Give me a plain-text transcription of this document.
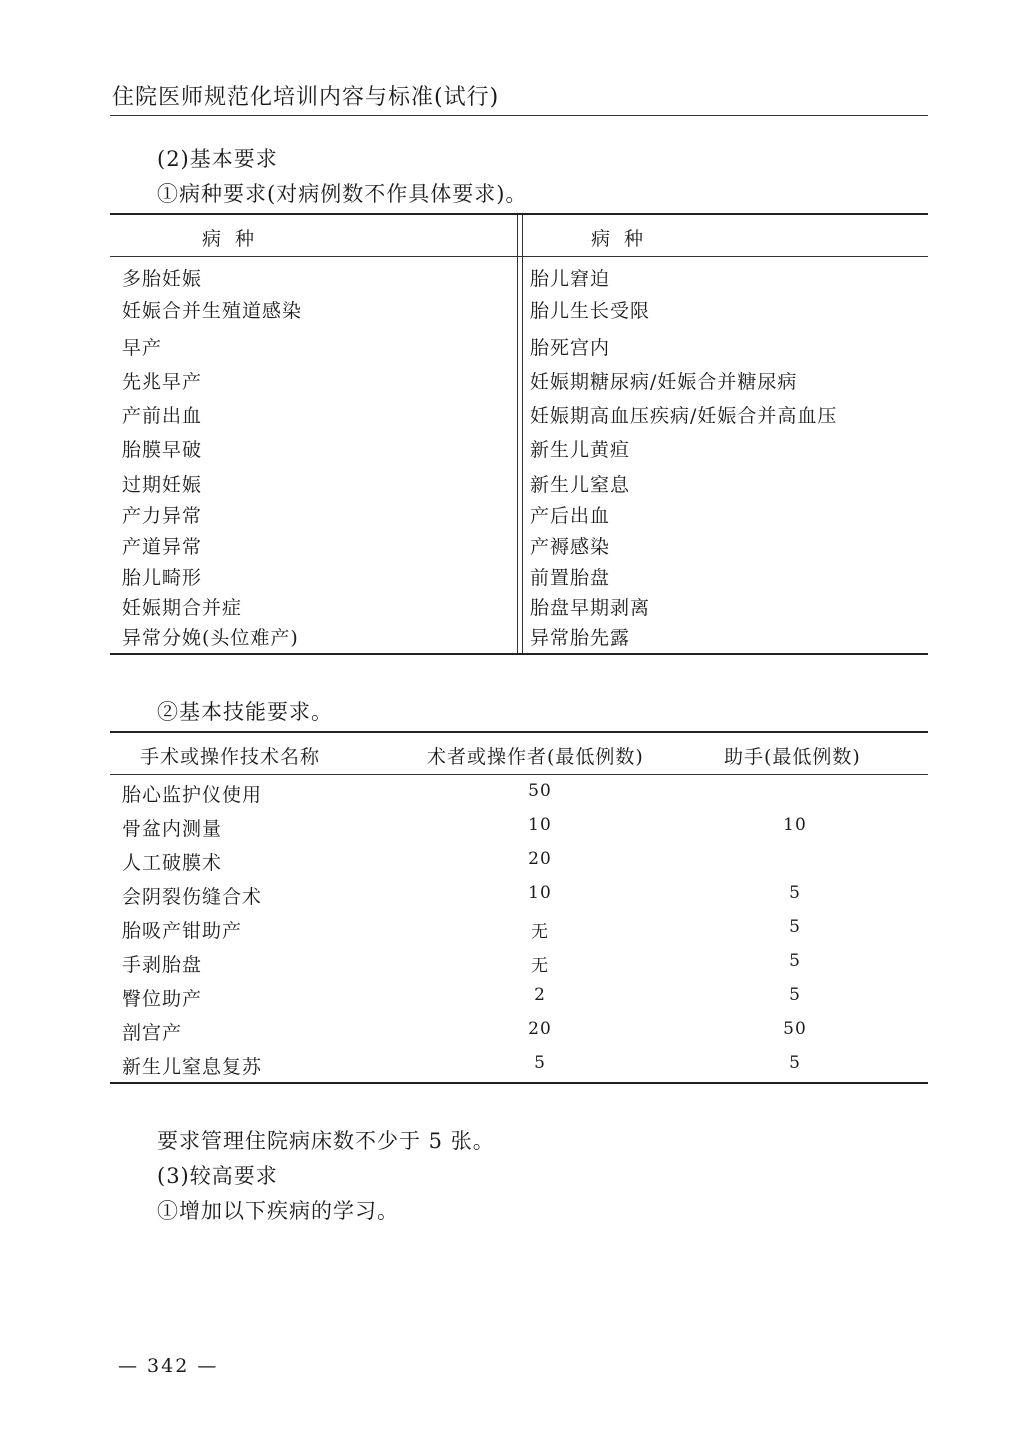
住院医师规范化培训内容与标准(试行)
(2)基本要求
①病种要求(对病例数不作具体要求)。
病种	病种
多胎妊娠	胎儿窘迫
妊娠合并生殖道感染	胎儿生长受限
早产	胎死宫内
先兆早产	妊娠期糖尿病/妊娠合并糖尿病
产前出血	妊娠期高血压疾病/妊娠合并高血压
胎膜早破	新生儿黄疸
过期妊娠	新生儿窒息
产力异常	产后出血
产道异常	产褥感染
胎儿畸形	前置胎盘
妊娠期合并症	胎盘早期剥离
异常分娩(头位难产)	异常胎先露
②基本技能要求。
手术或操作技术名称	术者或操作者(最低例数)	助手(最低例数)
胎心监护仪使用	50
骨盆内测量	10	10
人工破膜术	20
会阴裂伤缝合术	10	5
胎吸产钳助产	无	5
手剥胎盘	无	5
臀位助产	2	5
剖宫产	20	50
新生儿窒息复苏	5	5
要求管理住院病床数不少于 5 张。
(3)较高要求
①增加以下疾病的学习。
— 342 —
